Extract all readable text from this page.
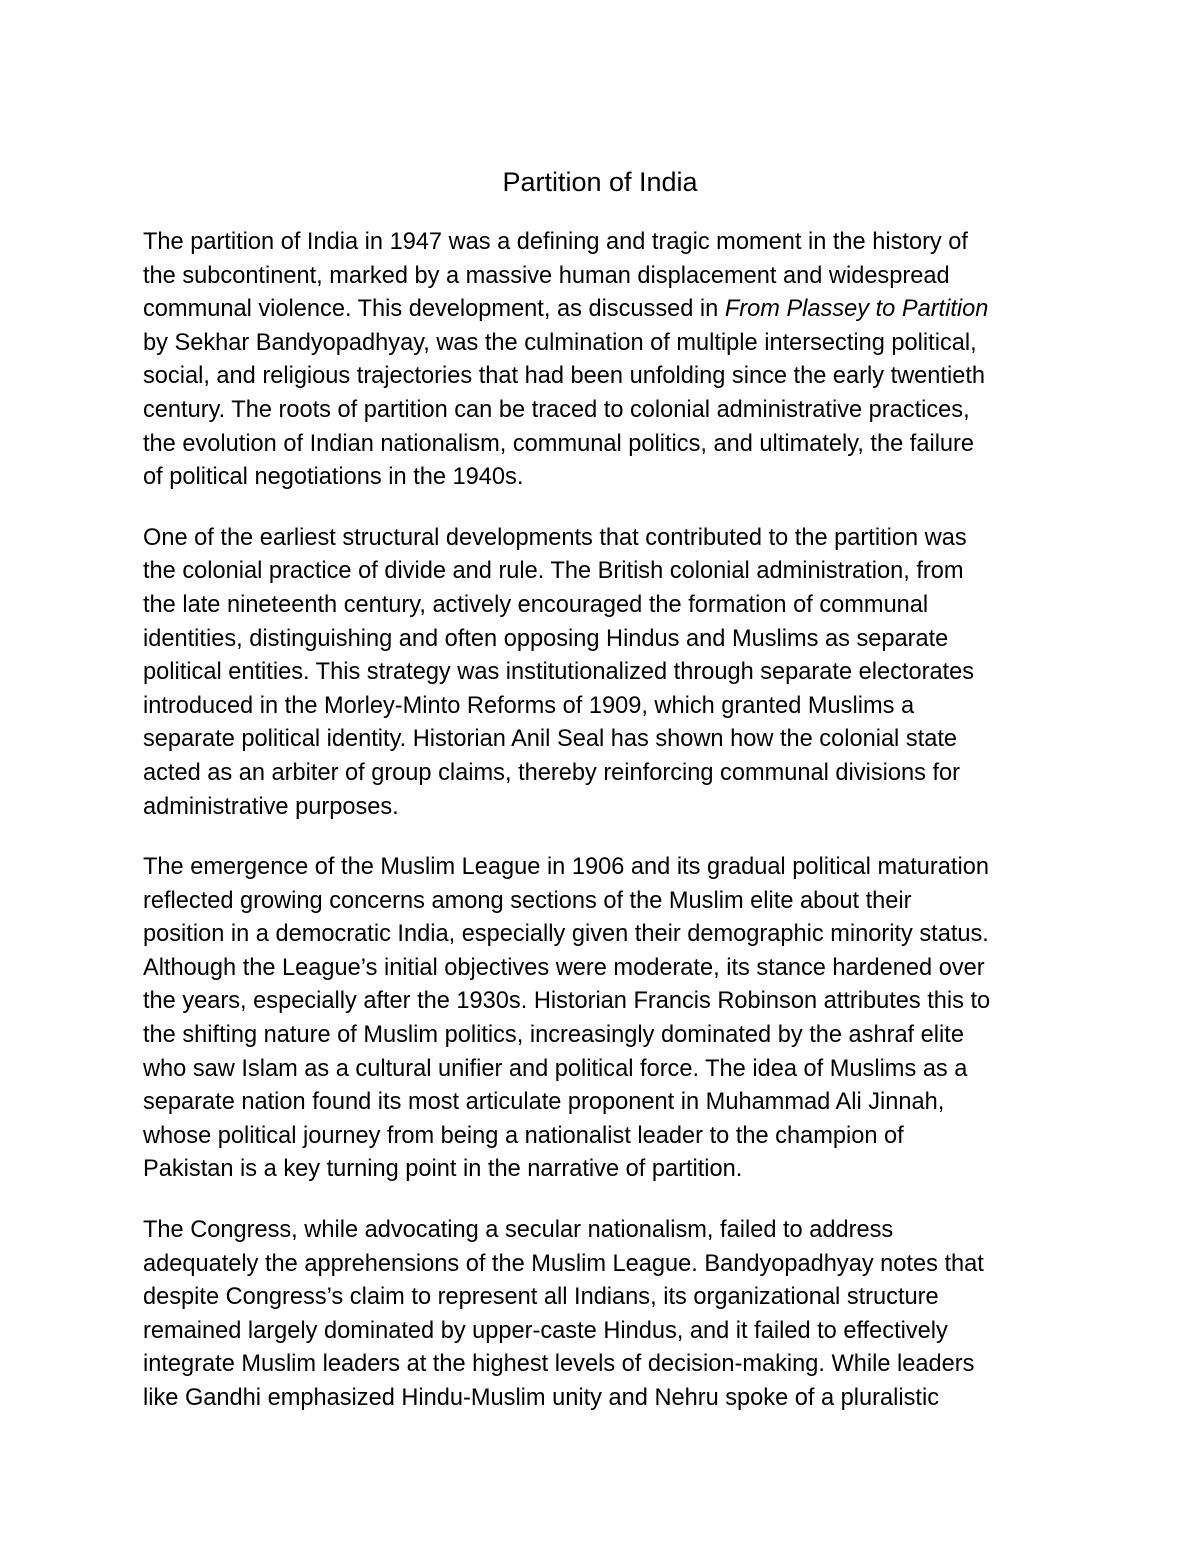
Partition of India

The partition of India in 1947 was a defining and tragic moment in the history of
the subcontinent, marked by a massive human displacement and widespread
communal violence. This development, as discussed in From Plassey to Partition
by Sekhar Bandyopadhyay, was the culmination of multiple intersecting political,
social, and religious trajectories that had been unfolding since the early twentieth
century. The roots of partition can be traced to colonial administrative practices,
the evolution of Indian nationalism, communal politics, and ultimately, the failure
of political negotiations in the 1940s.

One of the earliest structural developments that contributed to the partition was
the colonial practice of divide and rule. The British colonial administration, from
the late nineteenth century, actively encouraged the formation of communal
identities, distinguishing and often opposing Hindus and Muslims as separate
political entities. This strategy was institutionalized through separate electorates
introduced in the Morley-Minto Reforms of 1909, which granted Muslims a
separate political identity. Historian Anil Seal has shown how the colonial state
acted as an arbiter of group claims, thereby reinforcing communal divisions for
administrative purposes.

The emergence of the Muslim League in 1906 and its gradual political maturation
reflected growing concerns among sections of the Muslim elite about their
position in a democratic India, especially given their demographic minority status.
Although the League’s initial objectives were moderate, its stance hardened over
the years, especially after the 1930s. Historian Francis Robinson attributes this to
the shifting nature of Muslim politics, increasingly dominated by the ashraf elite
who saw Islam as a cultural unifier and political force. The idea of Muslims as a
separate nation found its most articulate proponent in Muhammad Ali Jinnah,
whose political journey from being a nationalist leader to the champion of
Pakistan is a key turning point in the narrative of partition.

The Congress, while advocating a secular nationalism, failed to address
adequately the apprehensions of the Muslim League. Bandyopadhyay notes that
despite Congress’s claim to represent all Indians, its organizational structure
remained largely dominated by upper-caste Hindus, and it failed to effectively
integrate Muslim leaders at the highest levels of decision-making. While leaders
like Gandhi emphasized Hindu-Muslim unity and Nehru spoke of a pluralistic
